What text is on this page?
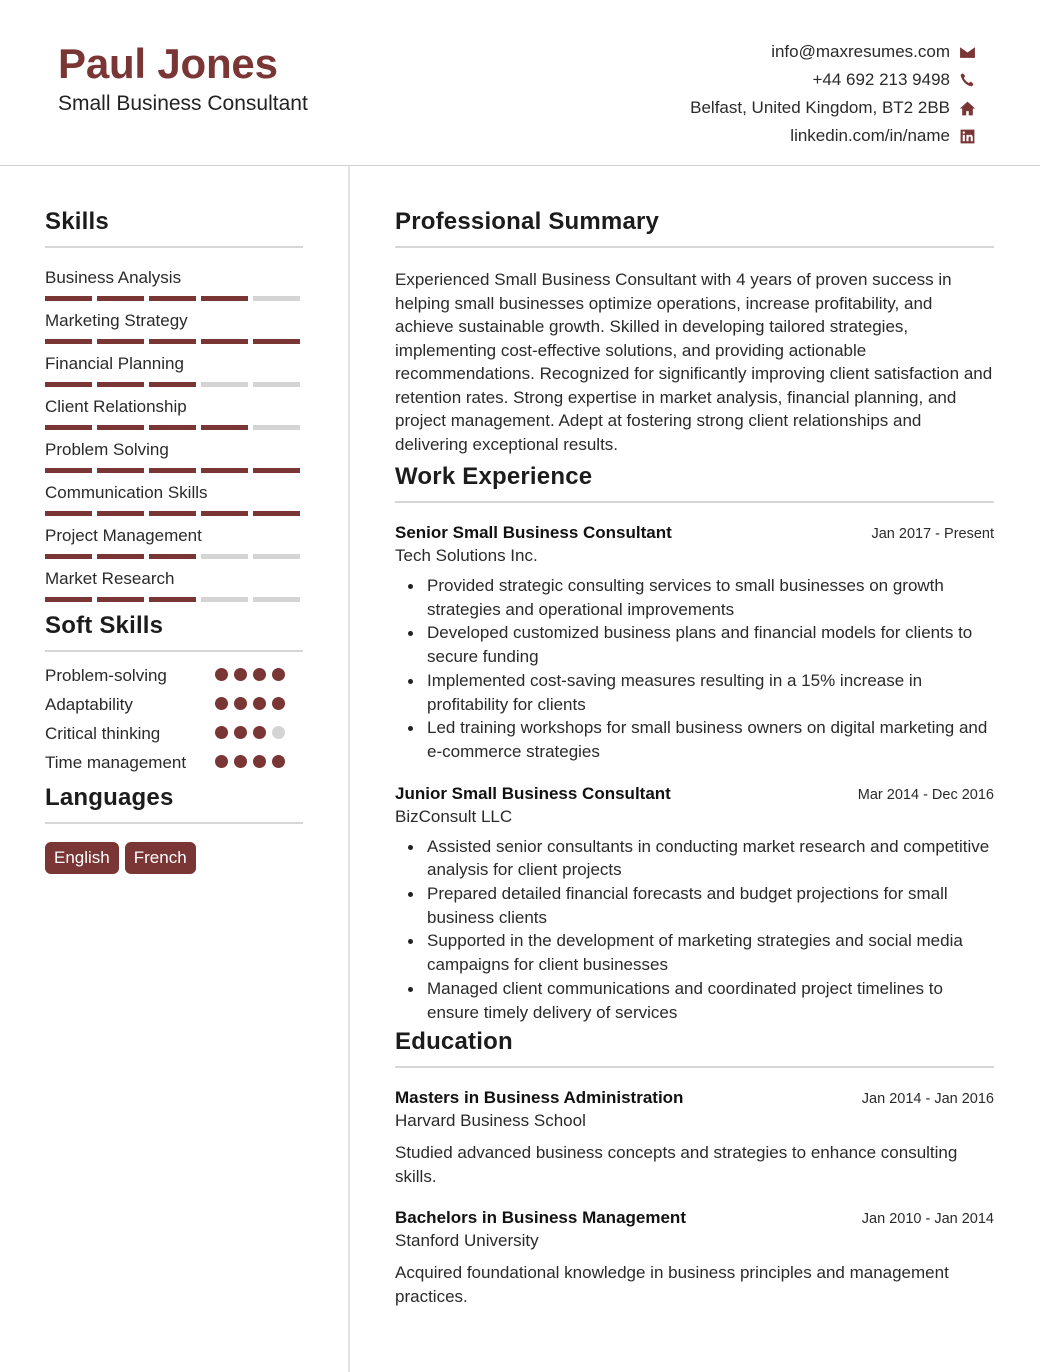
Paul Jones
Small Business Consultant
info@maxresumes.com
+44 692 213 9498
Belfast, United Kingdom, BT2 2BB
linkedin.com/in/name
Skills
Business Analysis
Marketing Strategy
Financial Planning
Client Relationship
Problem Solving
Communication Skills
Project Management
Market Research
Soft Skills
Problem-solving
Adaptability
Critical thinking
Time management
Languages
English	French
Professional Summary
Experienced Small Business Consultant with 4 years of proven success in helping small businesses optimize operations, increase profitability, and achieve sustainable growth. Skilled in developing tailored strategies, implementing cost-effective solutions, and providing actionable recommendations. Recognized for significantly improving client satisfaction and retention rates. Strong expertise in market analysis, financial planning, and project management. Adept at fostering strong client relationships and delivering exceptional results.
Work Experience
Senior Small Business Consultant	Jan 2017 - Present
Tech Solutions Inc.
Provided strategic consulting services to small businesses on growth strategies and operational improvements
Developed customized business plans and financial models for clients to secure funding
Implemented cost-saving measures resulting in a 15% increase in profitability for clients
Led training workshops for small business owners on digital marketing and e-commerce strategies
Junior Small Business Consultant	Mar 2014 - Dec 2016
BizConsult LLC
Assisted senior consultants in conducting market research and competitive analysis for client projects
Prepared detailed financial forecasts and budget projections for small business clients
Supported in the development of marketing strategies and social media campaigns for client businesses
Managed client communications and coordinated project timelines to ensure timely delivery of services
Education
Masters in Business Administration	Jan 2014 - Jan 2016
Harvard Business School
Studied advanced business concepts and strategies to enhance consulting skills.
Bachelors in Business Management	Jan 2010 - Jan 2014
Stanford University
Acquired foundational knowledge in business principles and management practices.
